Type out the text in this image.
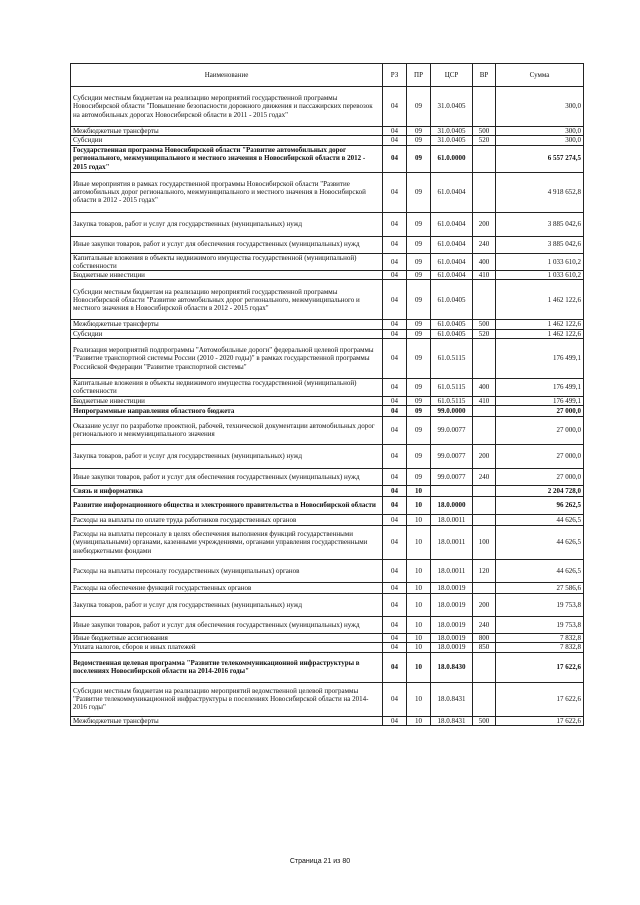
Наименование	РЗ	ПР	ЦСР	ВР	Сумма
Субсидии местным бюджетам на реализацию мероприятий государственной программы Новосибирской области "Повышение безопасности дорожного движения и пассажирских перевозок на автомобильных дорогах Новосибирской области в 2011 - 2015 годах"	04	09	31.0.0405		300,0
Межбюджетные трансферты	04	09	31.0.0405	500	300,0
Субсидии	04	09	31.0.0405	520	300,0
Государственная программа Новосибирской области "Развитие автомобильных дорог регионального, межмуниципального и местного значения в Новосибирской области в 2012 - 2015 годах"	04	09	61.0.0000		6 557 274,5
Иные мероприятия в рамках государственной программы Новосибирской области "Развитие автомобильных дорог регионального, межмуниципального и местного значения в Новосибирской области в 2012 - 2015 годах"	04	09	61.0.0404		4 918 652,8
Закупка товаров, работ и услуг для государственных (муниципальных) нужд	04	09	61.0.0404	200	3 885 042,6
Иные закупки товаров, работ и услуг для обеспечения государственных (муниципальных) нужд	04	09	61.0.0404	240	3 885 042,6
Капитальные вложения в объекты недвижимого имущества государственной (муниципальной) собственности	04	09	61.0.0404	400	1 033 610,2
Бюджетные инвестиции	04	09	61.0.0404	410	1 033 610,2
Субсидии местным бюджетам на реализацию мероприятий государственной программы Новосибирской области "Развитие автомобильных дорог регионального, межмуниципального и местного значения в Новосибирской области в 2012 - 2015 годах"	04	09	61.0.0405		1 462 122,6
Межбюджетные трансферты	04	09	61.0.0405	500	1 462 122,6
Субсидии	04	09	61.0.0405	520	1 462 122,6
Реализация мероприятий подпрограммы "Автомобильные дороги" федеральной целевой программы "Развитие транспортной системы России (2010 - 2020 годы)" в рамках государственной программы Российской Федерации "Развитие транспортной системы"	04	09	61.0.5115		176 499,1
Капитальные вложения в объекты недвижимого имущества государственной (муниципальной) собственности	04	09	61.0.5115	400	176 499,1
Бюджетные инвестиции	04	09	61.0.5115	410	176 499,1
Непрограммные направления областного бюджета	04	09	99.0.0000		27 000,0
Оказание услуг по разработке проектной, рабочей, технической документации автомобильных дорог регионального и межмуниципального значения	04	09	99.0.0077		27 000,0
Закупка товаров, работ и услуг для государственных (муниципальных) нужд	04	09	99.0.0077	200	27 000,0
Иные закупки товаров, работ и услуг для обеспечения государственных (муниципальных) нужд	04	09	99.0.0077	240	27 000,0
Связь и информатика	04	10			2 204 728,0
Развитие информационного общества и электронного правительства в Новосибирской области	04	10	18.0.0000		96 262,5
Расходы на выплаты по оплате труда работников государственных органов	04	10	18.0.0011		44 626,5
Расходы на выплаты персоналу в целях обеспечения выполнения функций государственными (муниципальными) органами, казенными учреждениями, органами управления государственными внебюджетными фондами	04	10	18.0.0011	100	44 626,5
Расходы на выплаты персоналу государственных (муниципальных) органов	04	10	18.0.0011	120	44 626,5
Расходы на обеспечение функций государственных органов	04	10	18.0.0019		27 586,6
Закупка товаров, работ и услуг для государственных (муниципальных) нужд	04	10	18.0.0019	200	19 753,8
Иные закупки товаров, работ и услуг для обеспечения государственных (муниципальных) нужд	04	10	18.0.0019	240	19 753,8
Иные бюджетные ассигнования	04	10	18.0.0019	800	7 832,8
Уплата налогов, сборов и иных платежей	04	10	18.0.0019	850	7 832,8
Ведомственная целевая программа "Развитие телекоммуникационной инфраструктуры в поселениях Новосибирской области на 2014-2016 годы"	04	10	18.0.8430		17 622,6
Субсидии местным бюджетам на реализацию мероприятий ведомственной целевой программы "Развитие телекоммуникационной инфраструктуры в поселениях Новосибирской области на 2014-2016 годы"	04	10	18.0.8431		17 622,6
Межбюджетные трансферты	04	10	18.0.8431	500	17 622,6
Страница 21 из 80
